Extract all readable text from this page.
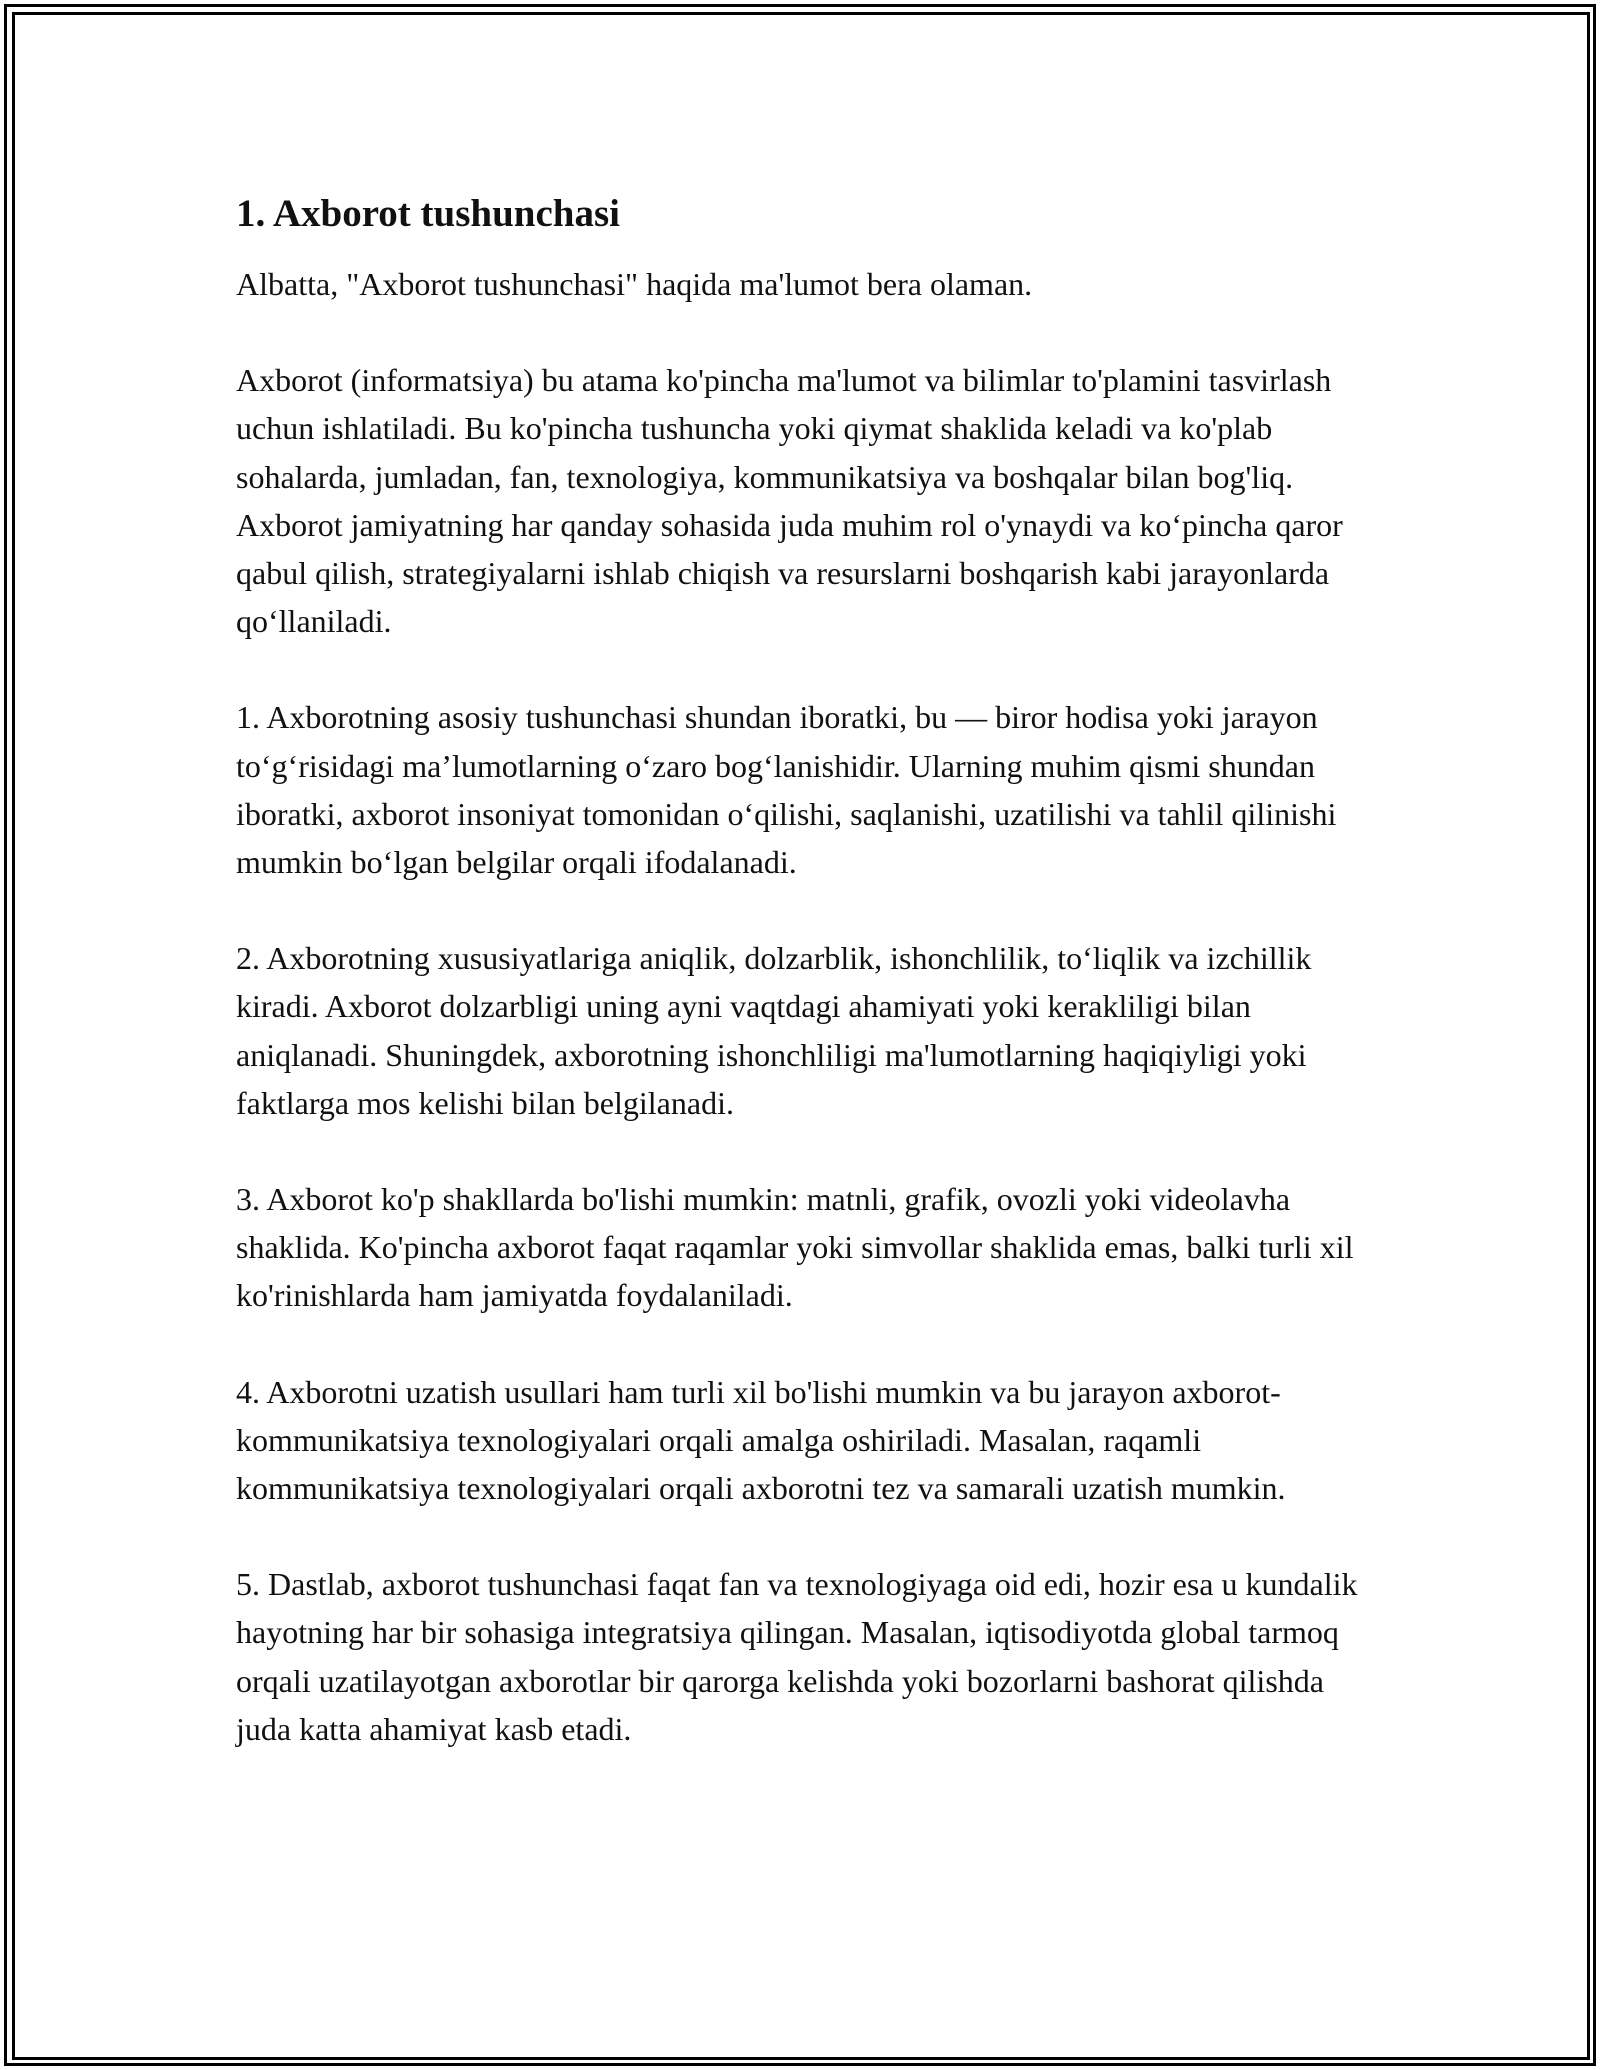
1. Axborot tushunchasi

Albatta, "Axborot tushunchasi" haqida ma'lumot bera olaman.

Axborot (informatsiya) bu atama ko'pincha ma'lumot va bilimlar to'plamini tasvirlash uchun ishlatiladi. Bu ko'pincha tushuncha yoki qiymat shaklida keladi va ko'plab sohalarda, jumladan, fan, texnologiya, kommunikatsiya va boshqalar bilan bog'liq. Axborot jamiyatning har qanday sohasida juda muhim rol o'ynaydi va ko‘pincha qaror qabul qilish, strategiyalarni ishlab chiqish va resurslarni boshqarish kabi jarayonlarda qo‘llaniladi.

1. Axborotning asosiy tushunchasi shundan iboratki, bu — biror hodisa yoki jarayon to‘g‘risidagi ma’lumotlarning o‘zaro bog‘lanishidir. Ularning muhim qismi shundan iboratki, axborot insoniyat tomonidan o‘qilishi, saqlanishi, uzatilishi va tahlil qilinishi mumkin bo‘lgan belgilar orqali ifodalanadi.

2. Axborotning xususiyatlariga aniqlik, dolzarblik, ishonchlilik, to‘liqlik va izchillik kiradi. Axborot dolzarbligi uning ayni vaqtdagi ahamiyati yoki kerakliligi bilan aniqlanadi. Shuningdek, axborotning ishonchliligi ma'lumotlarning haqiqiyligi yoki faktlarga mos kelishi bilan belgilanadi.

3. Axborot ko'p shakllarda bo'lishi mumkin: matnli, grafik, ovozli yoki videolavha shaklida. Ko'pincha axborot faqat raqamlar yoki simvollar shaklida emas, balki turli xil ko'rinishlarda ham jamiyatda foydalaniladi.

4. Axborotni uzatish usullari ham turli xil bo'lishi mumkin va bu jarayon axborot-kommunikatsiya texnologiyalari orqali amalga oshiriladi. Masalan, raqamli kommunikatsiya texnologiyalari orqali axborotni tez va samarali uzatish mumkin.

5. Dastlab, axborot tushunchasi faqat fan va texnologiyaga oid edi, hozir esa u kundalik hayotning har bir sohasiga integratsiya qilingan. Masalan, iqtisodiyotda global tarmoq orqali uzatilayotgan axborotlar bir qarorga kelishda yoki bozorlarni bashorat qilishda juda katta ahamiyat kasb etadi.
